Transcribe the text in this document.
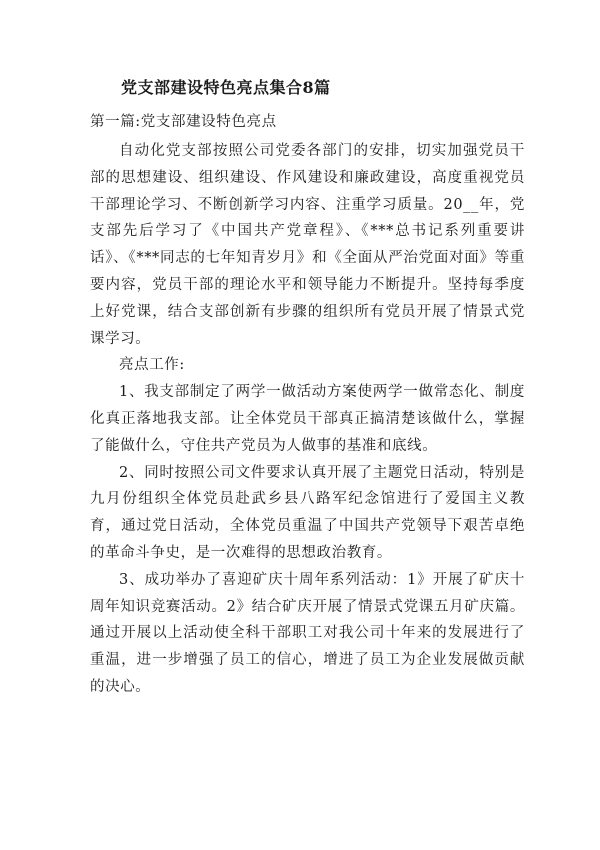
党支部建设特色亮点集合8篇
第一篇:党支部建设特色亮点

自动化党支部按照公司党委各部门的安排，切实加强党员干部的思想建设、组织建设、作风建设和廉政建设，高度重视党员干部理论学习、不断创新学习内容、注重学习质量。20__年，党支部先后学习了《中国共产党章程》、《***总书记系列重要讲话》、《***同志的七年知青岁月》和《全面从严治党面对面》等重要内容，党员干部的理论水平和领导能力不断提升。坚持每季度上好党课，结合支部创新有步骤的组织所有党员开展了情景式党课学习。

亮点工作:

1、我支部制定了两学一做活动方案使两学一做常态化、制度化真正落地我支部。让全体党员干部真正搞清楚该做什么，掌握了能做什么，守住共产党员为人做事的基准和底线。

2、同时按照公司文件要求认真开展了主题党日活动，特别是九月份组织全体党员赴武乡县八路军纪念馆进行了爱国主义教育，通过党日活动，全体党员重温了中国共产党领导下艰苦卓绝的革命斗争史，是一次难得的思想政治教育。

3、成功举办了喜迎矿庆十周年系列活动：1》开展了矿庆十周年知识竞赛活动。2》结合矿庆开展了情景式党课五月矿庆篇。通过开展以上活动使全科干部职工对我公司十年来的发展进行了重温，进一步增强了员工的信心，增进了员工为企业发展做贡献的决心。
